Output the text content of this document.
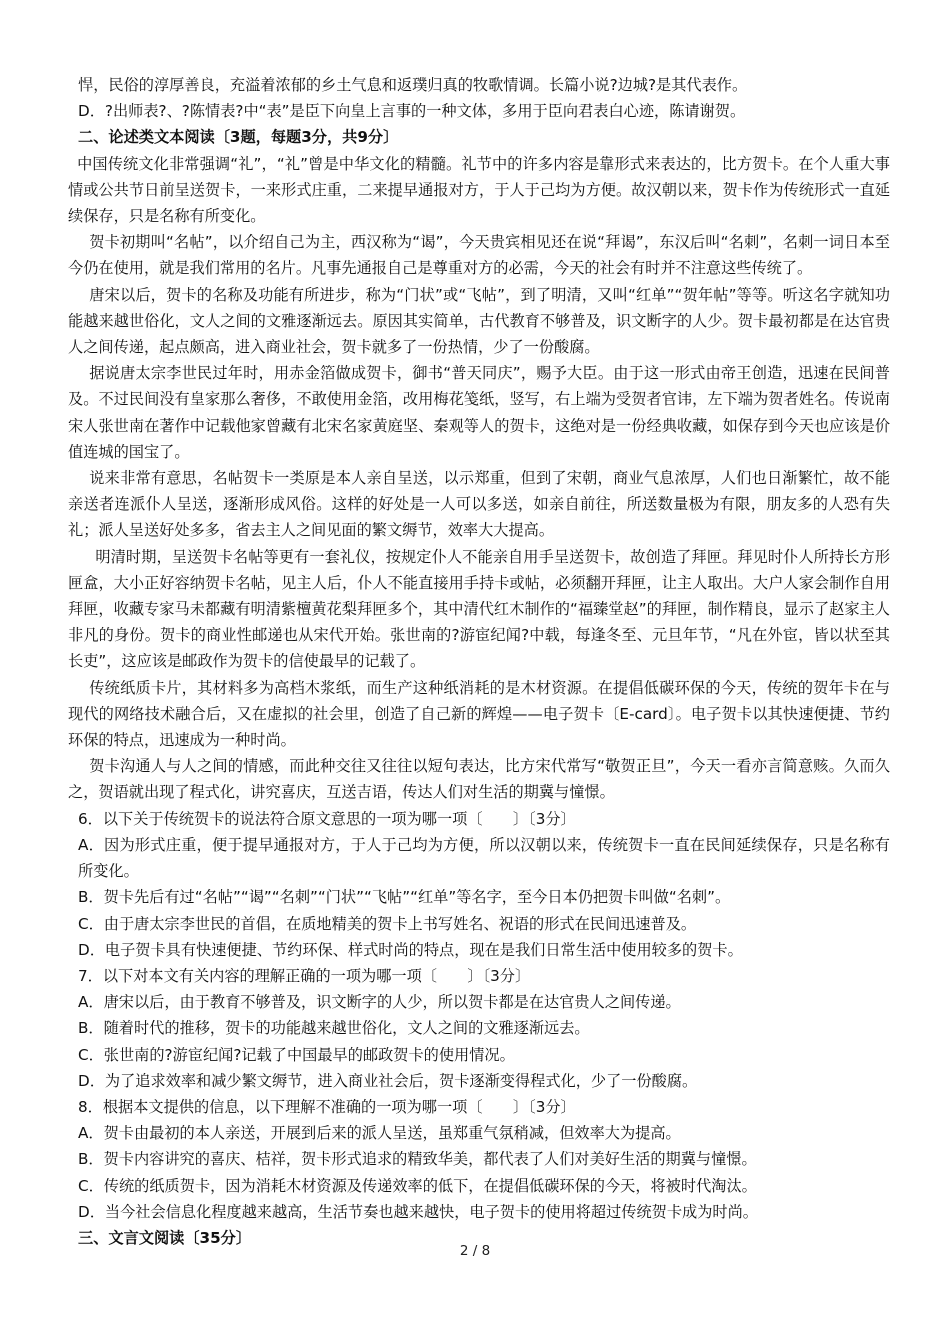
悍，民俗的淳厚善良，充溢着浓郁的乡土气息和返璞归真的牧歌情调。长篇小说?边城?是其代表作。

D．?出师表?、?陈情表?中“表”是臣下向皇上言事的一种文体，多用于臣向君表白心迹，陈请谢贺。

二、论述类文本阅读〔3题，每题3分，共9分〕

中国传统文化非常强调“礼”，“礼”曾是中华文化的精髓。礼节中的许多内容是靠形式来表达的，比方贺卡。在个人重大事情或公共节日前呈送贺卡，一来形式庄重，二来提早通报对方，于人于己均为方便。故汉朝以来，贺卡作为传统形式一直延续保存，只是名称有所变化。

贺卡初期叫“名帖”，以介绍自己为主，西汉称为“谒”，今天贵宾相见还在说“拜谒”，东汉后叫“名刺”，名刺一词日本至今仍在使用，就是我们常用的名片。凡事先通报自己是尊重对方的必需，今天的社会有时并不注意这些传统了。

唐宋以后，贺卡的名称及功能有所进步，称为“门状”或“飞帖”，到了明清，又叫“红单”“贺年帖”等等。听这名字就知功能越来越世俗化，文人之间的文雅逐渐远去。原因其实简单，古代教育不够普及，识文断字的人少。贺卡最初都是在达官贵人之间传递，起点颇高，进入商业社会，贺卡就多了一份热情，少了一份酸腐。

据说唐太宗李世民过年时，用赤金箔做成贺卡，御书“普天同庆”，赐予大臣。由于这一形式由帝王创造，迅速在民间普及。不过民间没有皇家那么奢侈，不敢使用金箔，改用梅花笺纸，竖写，右上端为受贺者官讳，左下端为贺者姓名。传说南宋人张世南在著作中记载他家曾藏有北宋名家黄庭坚、秦观等人的贺卡，这绝对是一份经典收藏，如保存到今天也应该是价值连城的国宝了。

说来非常有意思，名帖贺卡一类原是本人亲自呈送，以示郑重，但到了宋朝，商业气息浓厚，人们也日渐繁忙，故不能亲送者连派仆人呈送，逐渐形成风俗。这样的好处是一人可以多送，如亲自前往，所送数量极为有限，朋友多的人恐有失礼；派人呈送好处多多，省去主人之间见面的繁文缛节，效率大大提高。

明清时期，呈送贺卡名帖等更有一套礼仪，按规定仆人不能亲自用手呈送贺卡，故创造了拜匣。拜见时仆人所持长方形匣盒，大小正好容纳贺卡名帖，见主人后，仆人不能直接用手持卡或帖，必须翻开拜匣，让主人取出。大户人家会制作自用拜匣，收藏专家马未都藏有明清紫檀黄花梨拜匣多个，其中清代红木制作的“福臻堂赵”的拜匣，制作精良，显示了赵家主人非凡的身份。贺卡的商业性邮递也从宋代开始。张世南的?游宦纪闻?中载，每逢冬至、元旦年节，“凡在外宦，皆以状至其长吏”，这应该是邮政作为贺卡的信使最早的记载了。

传统纸质卡片，其材料多为高档木浆纸，而生产这种纸消耗的是木材资源。在提倡低碳环保的今天，传统的贺年卡在与现代的网络技术融合后，又在虚拟的社会里，创造了自己新的辉煌——电子贺卡〔E-card〕。电子贺卡以其快速便捷、节约环保的特点，迅速成为一种时尚。

贺卡沟通人与人之间的情感，而此种交往又往往以短句表达，比方宋代常写“敬贺正旦”，今天一看亦言简意赅。久而久之，贺语就出现了程式化，讲究喜庆，互送吉语，传达人们对生活的期冀与憧憬。

6．以下关于传统贺卡的说法符合原文意思的一项为哪一项〔　　〕〔3分〕

A．因为形式庄重，便于提早通报对方，于人于己均为方便，所以汉朝以来，传统贺卡一直在民间延续保存，只是名称有所变化。

B．贺卡先后有过“名帖”“谒”“名刺”“门状”“飞帖”“红单”等名字，至今日本仍把贺卡叫做“名刺”。

C．由于唐太宗李世民的首倡，在质地精美的贺卡上书写姓名、祝语的形式在民间迅速普及。

D．电子贺卡具有快速便捷、节约环保、样式时尚的特点，现在是我们日常生活中使用较多的贺卡。

7．以下对本文有关内容的理解正确的一项为哪一项〔　　〕〔3分〕

A．唐宋以后，由于教育不够普及，识文断字的人少，所以贺卡都是在达官贵人之间传递。

B．随着时代的推移，贺卡的功能越来越世俗化，文人之间的文雅逐渐远去。

C．张世南的?游宦纪闻?记载了中国最早的邮政贺卡的使用情况。

D．为了追求效率和减少繁文缛节，进入商业社会后，贺卡逐渐变得程式化，少了一份酸腐。

8．根据本文提供的信息，以下理解不准确的一项为哪一项〔　　〕〔3分〕

A．贺卡由最初的本人亲送，开展到后来的派人呈送，虽郑重气氛稍减，但效率大为提高。

B．贺卡内容讲究的喜庆、桔祥，贺卡形式追求的精致华美，都代表了人们对美好生活的期冀与憧憬。

C．传统的纸质贺卡，因为消耗木材资源及传递效率的低下，在提倡低碳环保的今天，将被时代淘汰。

D．当今社会信息化程度越来越高，生活节奏也越来越快，电子贺卡的使用将超过传统贺卡成为时尚。

三、文言文阅读〔35分〕

2 / 8
